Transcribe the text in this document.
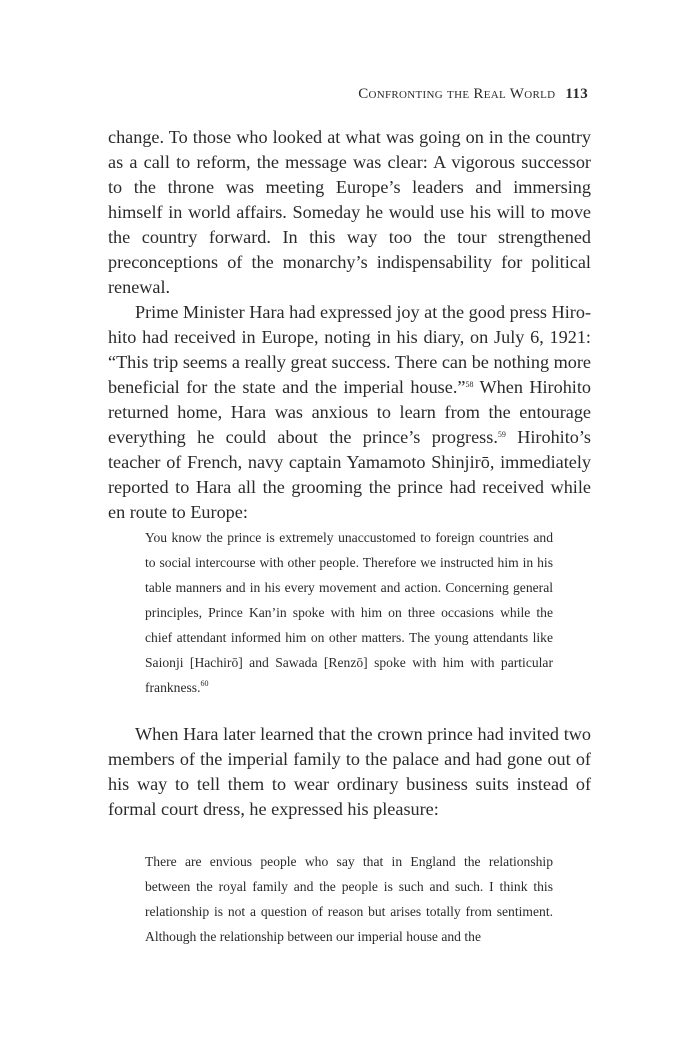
Confronting the Real World 113

change. To those who looked at what was going on in the country as a call to reform, the message was clear: A vigorous successor to the throne was meeting Europe’s leaders and immersing himself in world affairs. Someday he would use his will to move the country forward. In this way too the tour strengthened preconceptions of the monarchy’s indispensability for political renewal.

Prime Minister Hara had expressed joy at the good press Hirohito had received in Europe, noting in his diary, on July 6, 1921: “This trip seems a really great success. There can be nothing more beneficial for the state and the imperial house.”$^{58}$ When Hirohito returned home, Hara was anxious to learn from the entourage everything he could about the prince’s progress.$^{59}$ Hirohito’s teacher of French, navy captain Yamamoto Shinjirō, immediately reported to Hara all the grooming the prince had received while en route to Europe:

You know the prince is extremely unaccustomed to foreign countries and to social intercourse with other people. Therefore we instructed him in his table manners and in his every movement and action. Concerning general principles, Prince Kan’in spoke with him on three occasions while the chief attendant informed him on other matters. The young attendants like Saionji [Hachirō] and Sawada [Renzō] spoke with him with particular frankness.$^{60}$

When Hara later learned that the crown prince had invited two members of the imperial family to the palace and had gone out of his way to tell them to wear ordinary business suits instead of formal court dress, he expressed his pleasure:

There are envious people who say that in England the relationship between the royal family and the people is such and such. I think this relationship is not a question of reason but arises totally from sentiment. Although the relationship between our imperial house and the
